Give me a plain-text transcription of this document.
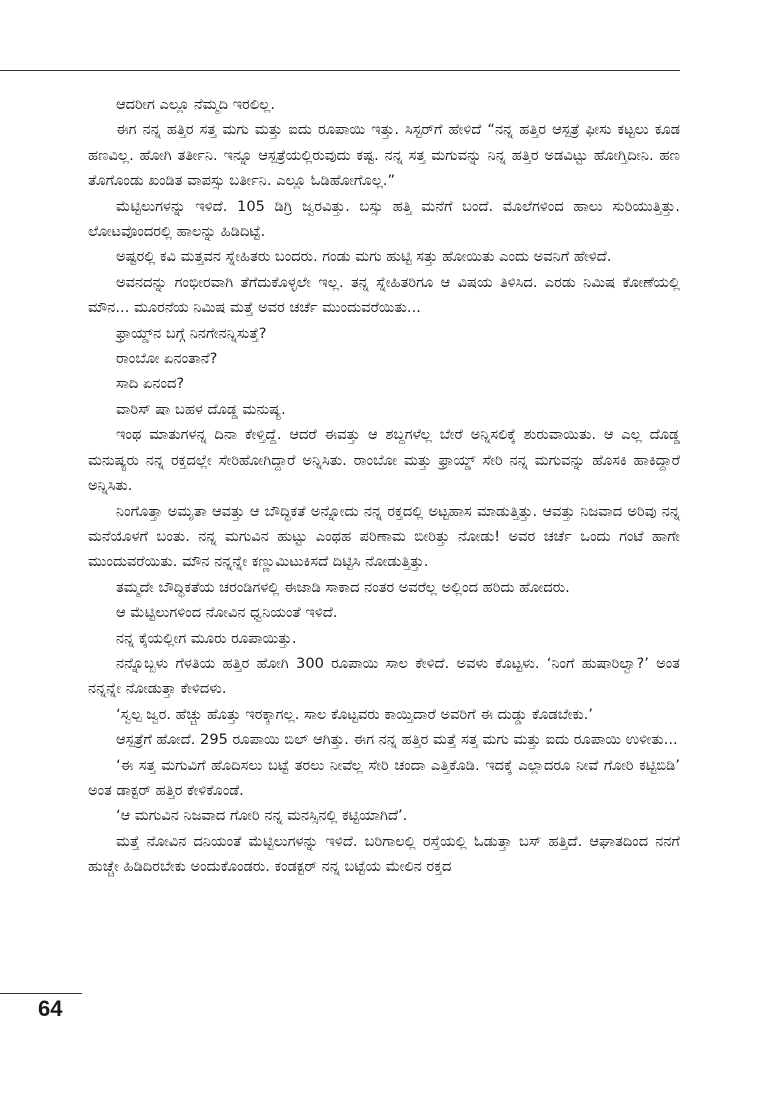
ಆದರೀಗ ಎಲ್ಲೂ ನೆಮ್ಮದಿ ಇರಲಿಲ್ಲ.

ಈಗ ನನ್ನ ಹತ್ತಿರ ಸತ್ತ ಮಗು ಮತ್ತು ಐದು ರೂಪಾಯಿ ಇತ್ತು. ಸಿಸ್ಟರ್‌ಗೆ ಹೇಳಿದೆ “ನನ್ನ ಹತ್ತಿರ ಆಸ್ಪತ್ರೆ ಫೀಸು ಕಟ್ಟಲು ಕೂಡ ಹಣವಿಲ್ಲ. ಹೋಗಿ ತರ್ತೀನಿ. ಇನ್ನೂ ಆಸ್ಪತ್ರೆಯಲ್ಲಿರುವುದು ಕಷ್ಟ. ನನ್ನ ಸತ್ತ ಮಗುವನ್ನು ನಿನ್ನ ಹತ್ತಿರ ಅಡವಿಟ್ಟು ಹೋಗ್ತಿದೀನಿ. ಹಣ ತೊಗೊಂಡು ಖಂಡಿತ ವಾಪಸ್ಸು ಬರ್ತೀನಿ. ಎಲ್ಲೂ ಓಡಿಹೋಗೊಲ್ಲ.”

ಮೆಟ್ಟಿಲುಗಳನ್ನು ಇಳಿದೆ. 105 ಡಿಗ್ರಿ ಜ್ವರವಿತ್ತು. ಬಸ್ಸು ಹತ್ತಿ ಮನೆಗೆ ಬಂದೆ. ಮೊಲೆಗಳಿಂದ ಹಾಲು ಸುರಿಯುತ್ತಿತ್ತು. ಲೋಟವೊಂದರಲ್ಲಿ ಹಾಲನ್ನು ಹಿಡಿದಿಟ್ಟೆ.

ಅಷ್ಟರಲ್ಲಿ ಕವಿ ಮತ್ತವನ ಸ್ನೇಹಿತರು ಬಂದರು. ಗಂಡು ಮಗು ಹುಟ್ಟಿ ಸತ್ತು ಹೋಯಿತು ಎಂದು ಅವನಿಗೆ ಹೇಳಿದೆ.

ಅವನದನ್ನು ಗಂಭೀರವಾಗಿ ತೆಗೆದುಕೊಳ್ಳಲೇ ಇಲ್ಲ. ತನ್ನ ಸ್ನೇಹಿತರಿಗೂ ಆ ವಿಷಯ ತಿಳಿಸಿದ. ಎರಡು ನಿಮಿಷ ಕೋಣೆಯಲ್ಲಿ ಮೌನ... ಮೂರನೆಯ ನಿಮಿಷ ಮತ್ತೆ ಅವರ ಚರ್ಚೆ ಮುಂದುವರೆಯಿತು...

ಫ್ರಾಯ್ಡ್‌ನ ಬಗ್ಗೆ ನಿನಗೇನನ್ನಿಸುತ್ತೆ?

ರಾಂಬೋ ಏನಂತಾನೆ?

ಸಾದಿ ಏನಂದ?

ವಾರಿಸ್ ಷಾ ಬಹಳ ದೊಡ್ಡ ಮನುಷ್ಯ.

ಇಂಥ ಮಾತುಗಳನ್ನ ದಿನಾ ಕೇಳ್ತಿದ್ದೆ. ಆದರೆ ಈವತ್ತು ಆ ಶಬ್ದಗಳೆಲ್ಲ ಬೇರೆ ಅನ್ನಿಸಲಿಕ್ಕೆ ಶುರುವಾಯಿತು. ಆ ಎಲ್ಲ ದೊಡ್ಡ ಮನುಷ್ಯರು ನನ್ನ ರಕ್ತದಲ್ಲೇ ಸೇರಿಹೋಗಿದ್ದಾರೆ ಅನ್ನಿಸಿತು. ರಾಂಬೋ ಮತ್ತು ಫ್ರಾಯ್ಡ್ ಸೇರಿ ನನ್ನ ಮಗುವನ್ನು ಹೊಸಕಿ ಹಾಕಿದ್ದಾರೆ ಅನ್ನಿಸಿತು.

ನಿಂಗೊತ್ತಾ ಅಮೃತಾ ಆವತ್ತು ಆ ಬೌದ್ಧಿಕತೆ ಅನ್ನೋದು ನನ್ನ ರಕ್ತದಲ್ಲಿ ಅಟ್ಟಹಾಸ ಮಾಡುತ್ತಿತ್ತು. ಆವತ್ತು ನಿಜವಾದ ಅರಿವು ನನ್ನ ಮನೆಯೊಳಗೆ ಬಂತು. ನನ್ನ ಮಗುವಿನ ಹುಟ್ಟು ಎಂಥಹ ಪರಿಣಾಮ ಬೀರಿತ್ತು ನೋಡು! ಅವರ ಚರ್ಚೆ ಒಂದು ಗಂಟೆ ಹಾಗೇ ಮುಂದುವರೆಯಿತು. ಮೌನ ನನ್ನನ್ನೇ ಕಣ್ಣುಮಿಟುಕಿಸದೆ ದಿಟ್ಟಿಸಿ ನೋಡುತ್ತಿತ್ತು.

ತಮ್ಮದೇ ಬೌದ್ಧಿಕತೆಯ ಚರಂಡಿಗಳಲ್ಲಿ ಈಜಾಡಿ ಸಾಕಾದ ನಂತರ ಅವರೆಲ್ಲ ಅಲ್ಲಿಂದ ಹರಿದು ಹೋದರು.

ಆ ಮೆಟ್ಟಿಲುಗಳಿಂದ ನೋವಿನ ಧ್ವನಿಯಂತೆ ಇಳಿದೆ.

ನನ್ನ ಕೈಯಲ್ಲೀಗ ಮೂರು ರೂಪಾಯಿತ್ತು.

ನನ್ನೊಬ್ಬಳು ಗೆಳತಿಯ ಹತ್ತಿರ ಹೋಗಿ 300 ರೂಪಾಯಿ ಸಾಲ ಕೇಳಿದೆ. ಅವಳು ಕೊಟ್ಟಳು. ‘ನಿಂಗೆ ಹುಷಾರಿಲ್ವಾ?’ ಅಂತ ನನ್ನನ್ನೇ ನೋಡುತ್ತಾ ಕೇಳಿದಳು.

‘ಸ್ವಲ್ಪ ಜ್ವರ. ಹೆಚ್ಚು ಹೊತ್ತು ಇರಕ್ಕಾಗಲ್ಲ. ಸಾಲ ಕೊಟ್ಟವರು ಕಾಯ್ತಿದಾರೆ ಅವರಿಗೆ ಈ ದುಡ್ಡು ಕೊಡಬೇಕು.’

ಆಸ್ಪತ್ರೆಗೆ ಹೋದೆ. 295 ರೂಪಾಯಿ ಬಿಲ್ ಆಗಿತ್ತು. ಈಗ ನನ್ನ ಹತ್ತಿರ ಮತ್ತೆ ಸತ್ತ ಮಗು ಮತ್ತು ಐದು ರೂಪಾಯಿ ಉಳೀತು...

‘ಈ ಸತ್ತ ಮಗುವಿಗೆ ಹೊದಿಸಲು ಬಟ್ಟೆ ತರಲು ನೀವೆಲ್ಲ ಸೇರಿ ಚಂದಾ ಎತ್ತಿಕೊಡಿ. ಇದಕ್ಕೆ ಎಲ್ಲಾದರೂ ನೀವೆ ಗೋರಿ ಕಟ್ಟಿಬಿಡಿ’ ಅಂತ ಡಾಕ್ಟರ್ ಹತ್ತಿರ ಕೇಳಿಕೊಂಡೆ.

‘ಆ ಮಗುವಿನ ನಿಜವಾದ ಗೋರಿ ನನ್ನ ಮನಸ್ಸಿನಲ್ಲಿ ಕಟ್ಟಿಯಾಗಿದೆ’.

ಮತ್ತೆ ನೋವಿನ ದನಿಯಂತೆ ಮೆಟ್ಟಿಲುಗಳನ್ನು ಇಳಿದೆ. ಬರಿಗಾಲಲ್ಲಿ ರಸ್ತೆಯಲ್ಲಿ ಓಡುತ್ತಾ ಬಸ್ ಹತ್ತಿದೆ. ಆಘಾತದಿಂದ ನನಗೆ ಹುಚ್ಚೇ ಹಿಡಿದಿರಬೇಕು ಅಂದುಕೊಂಡರು. ಕಂಡಕ್ಟರ್ ನನ್ನ ಬಟ್ಟೆಯ ಮೇಲಿನ ರಕ್ತದ

64
